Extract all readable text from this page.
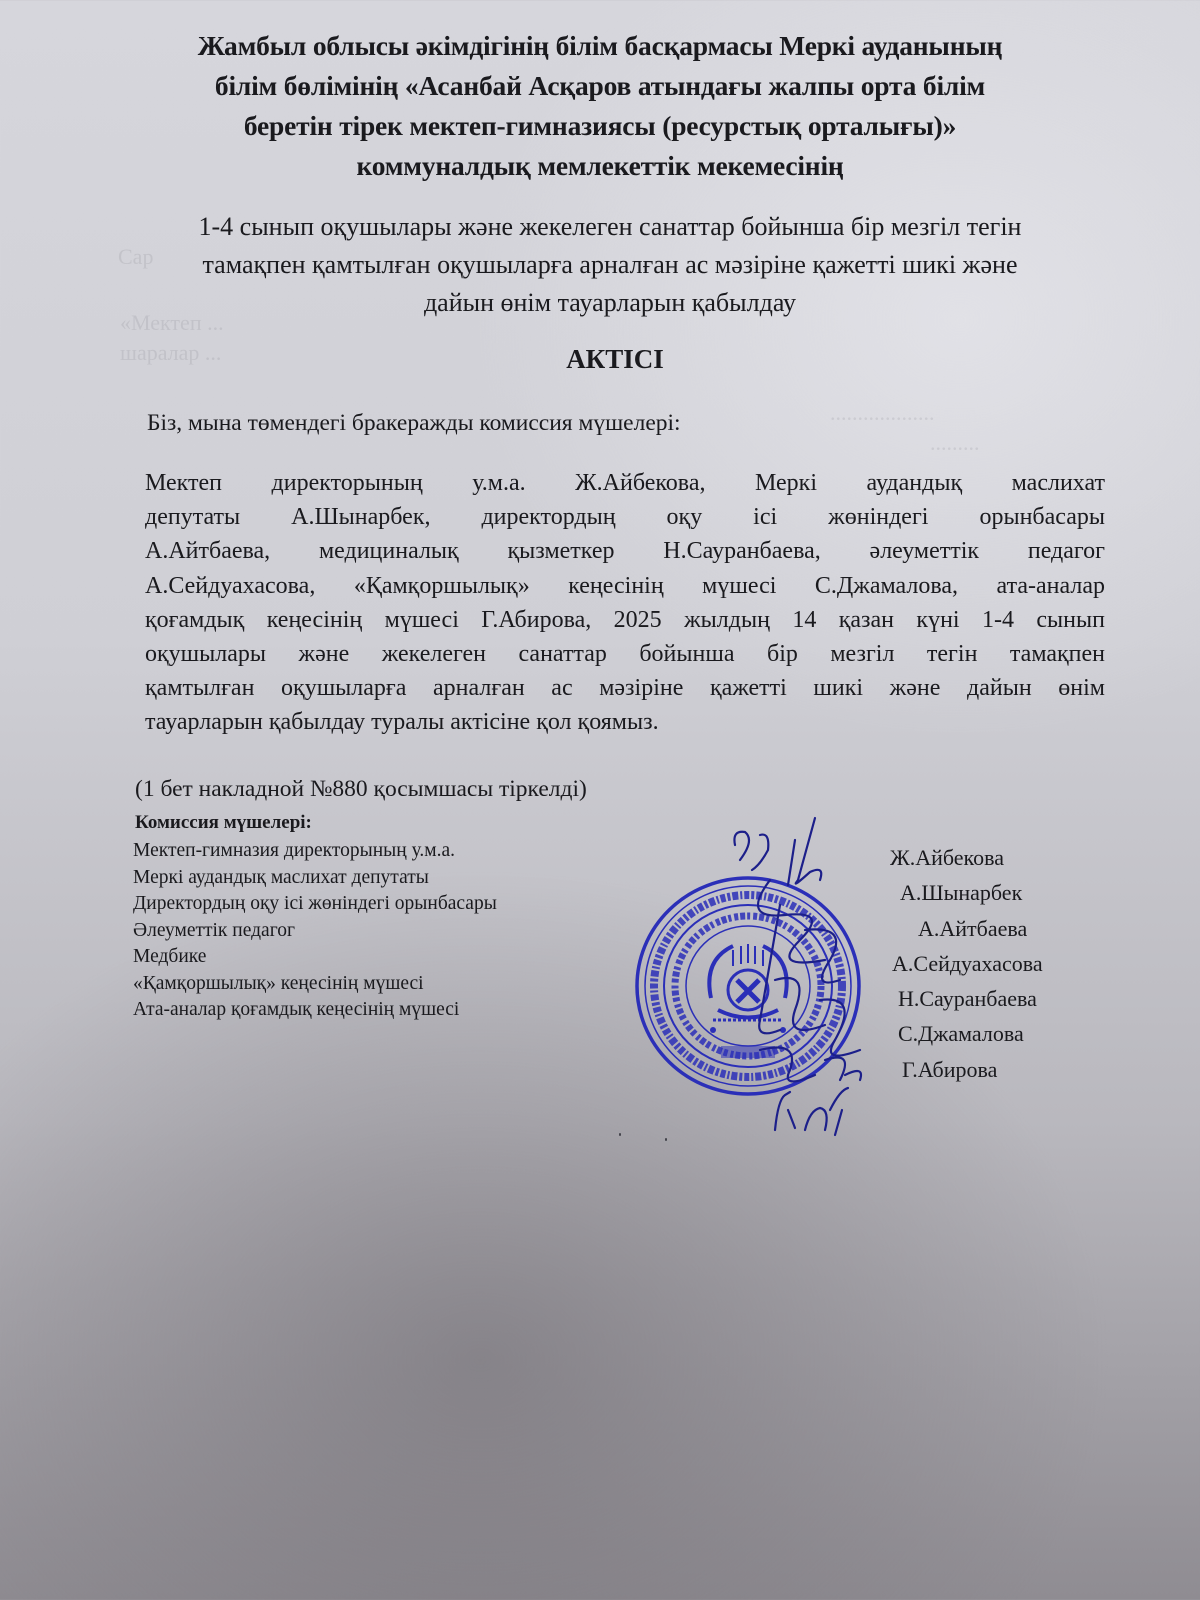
Сар
«Мектеп ...
шаралар ...
...................
.........
Жамбыл облысы әкімдігінің білім басқармасы Меркі ауданының
білім бөлімінің «Асанбай Асқаров атындағы жалпы орта білім
беретін тірек мектеп-гимназиясы (ресурстық орталығы)»
коммуналдық мемлекеттік мекемесінің
1-4 сынып оқушылары және жекелеген санаттар бойынша бір мезгіл тегін
тамақпен қамтылған оқушыларға арналған ас мәзіріне қажетті шикі және
дайын өнім тауарларын қабылдау
АКТІСІ
Біз, мына төмендегі бракеражды комиссия мүшелері:
Мектеп директорының у.м.а. Ж.Айбекова, Меркі аудандық маслихат
депутаты А.Шынарбек, директордың оқу ісі жөніндегі орынбасары
А.Айтбаева, медициналық қызметкер Н.Сауранбаева, әлеуметтік педагог
А.Сейдуахасова, «Қамқоршылық» кеңесінің мүшесі С.Джамалова, ата-аналар
қоғамдық кеңесінің мүшесі Г.Абирова, 2025 жылдың 14 қазан күні 1-4 сынып
оқушылары және жекелеген санаттар бойынша бір мезгіл тегін тамақпен
қамтылған оқушыларға арналған ас мәзіріне қажетті шикі және дайын өнім
тауарларын қабылдау туралы актісіне қол қоямыз.
(1 бет накладной №880 қосымшасы тіркелді)
Комиссия мүшелері:
Мектеп-гимназия директорының у.м.а.
Меркі аудандық маслихат депутаты
Директордың оқу ісі жөніндегі орынбасары
Әлеуметтік педагог
Медбике
«Қамқоршылық» кеңесінің мүшесі
Ата-аналар қоғамдық кеңесінің мүшесі
Ж.Айбекова
А.Шынарбек
А.Айтбаева
А.Сейдуахасова
Н.Сауранбаева
С.Джамалова
Г.Абирова
